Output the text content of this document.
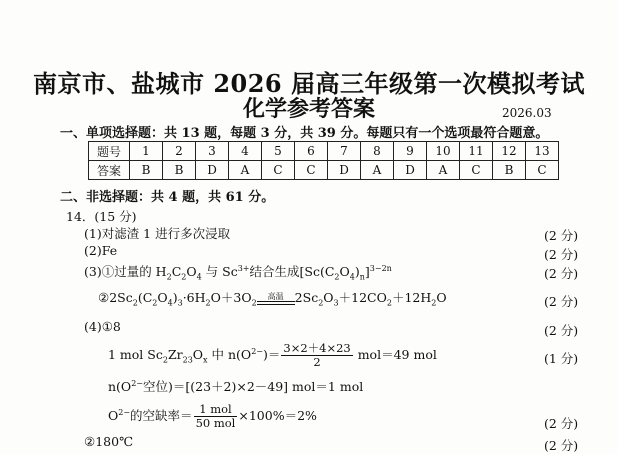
南京市、盐城市 2026 届高三年级第一次模拟考试
化学参考答案	2026.03
一、单项选择题：共 13 题，每题 3 分，共 39 分。每题只有一个选项最符合题意。
题号	1	2	3	4	5	6	7	8	9	10	11	12	13
答案	B	B	D	A	C	C	D	A	D	A	C	B	C
二、非选择题：共 4 题，共 61 分。
14．(15 分)
(1)对滤渣 1 进行多次浸取	(2 分)
(2)Fe	(2 分)
(3)①过量的 $H_2C_2O_4$ 与 $Sc^{3+}$结合生成$[Sc(C_2O_4)_n]^{3-2n}$	(2 分)
$②2Sc_2(C_2O_4)_3\cdot 6H_2O+3O_2$
高温 $2Sc_2O_3+12CO_2+12H_2O$	(2 分)
(4)①8	(2 分)
1 mol $Sc_2Zr_{23}O_x$ 中 $n(O^{2-})= \frac{3\times 2+4\times 23}{2} mol=49$ mol	(1 分)
$n(O^{2-}$空位)＝[(23＋2)×2－49] mol＝1 mol
$O^{2-}$的空缺率＝ $\frac{\text{1 mol}}{\text{50 mol}} \times 100\%=2\%$
(2 分)
②180℃	(2 分)
